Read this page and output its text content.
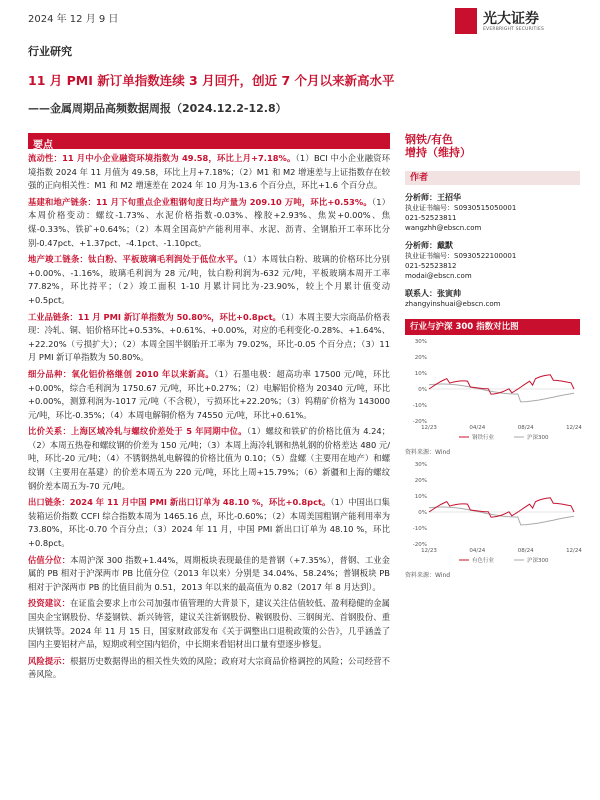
2024 年 12 月 9 日	光大证券
EVERBRIGHT SECURITIES
行业研究
11 月 PMI 新订单指数连续 3 月回升，创近 7 个月以来新高水平
——金属周期品高频数据周报（2024.12.2-12.8）
要点

流动性：11 月中小企业融资环境指数为 49.58，环比上月+7.18%。（1）BCI 中小企业融资环境指数 2024 年 11 月值为 49.58，环比上月+7.18%；（2）M1 和 M2 增速差与上证指数存在较强的正向相关性：M1 和 M2 增速差在 2024 年 10 月为-13.6 个百分点，环比+1.6 个百分点。

基建和地产链条：11 月下旬重点企业粗钢旬度日均产量为 209.10 万吨，环比+0.53%。（1）本周价格变动：螺纹-1.73%、水泥价格指数-0.03%、橡胶+2.93%、焦炭+0.00%、焦煤-0.33%、铁矿+0.64%；（2）本周全国高炉产能利用率、水泥、沥青、全钢胎开工率环比分别-0.47pct、+1.37pct、-4.1pct、-1.10pct。

地产竣工链条：钛白粉、平板玻璃毛利润处于低位水平。（1）本周钛白粉、玻璃的价格环比分别+0.00%、-1.16%，玻璃毛利润为 28 元/吨，钛白粉利润为-632 元/吨，平板玻璃本周开工率 77.82%，环比持平；（2）竣工面积 1-10 月累计同比为-23.90%，较上个月累计值变动+0.5pct。

工业品链条：11 月 PMI 新订单指数为 50.80%，环比+0.8pct。（1）本周主要大宗商品价格表现：冷轧、铜、铝价格环比+0.53%、+0.61%、+0.00%，对应的毛利变化-0.28%、+1.64%、+22.20%（亏损扩大）；（2）本周全国半钢胎开工率为 79.02%，环比-0.05 个百分点；（3）11 月 PMI 新订单指数为 50.80%。

细分品种：氧化铝价格继创 2010 年以来新高。（1）石墨电极：超高功率 17500 元/吨，环比+0.00%，综合毛利润为 1750.67 元/吨，环比+0.27%；（2）电解铝价格为 20340 元/吨，环比+0.00%，测算利润为-1017 元/吨（不含税），亏损环比+22.20%；（3）钨精矿价格为 143000 元/吨，环比-0.35%；（4）本周电解铜价格为 74550 元/吨，环比+0.61%。

比价关系：上海区域冷轧与螺纹价差处于 5 年同期中位。（1）螺纹和铁矿的价格比值为 4.24；（2）本周五热卷和螺纹钢的价差为 150 元/吨；（3）本周上海冷轧钢和热轧钢的价格差达 480 元/吨，环比-20 元/吨；（4）不锈钢热轧电解镍的价格比值为 0.10；（5）盘螺（主要用在地产）和螺纹钢（主要用在基建）的价差本周五为 220 元/吨，环比上周+15.79%；（6）新疆和上海的螺纹钢价差本周五为-70 元/吨。

出口链条：2024 年 11 月中国 PMI 新出口订单为 48.10 %，环比+0.8pct。（1）中国出口集装箱运价指数 CCFI 综合指数本周为 1465.16 点，环比-0.60%；（2）本周美国粗钢产能利用率为 73.80%，环比-0.70 个百分点；（3）2024 年 11 月，中国 PMI 新出口订单为 48.10 %，环比+0.8pct。

估值分位：本周沪深 300 指数+1.44%，周期板块表现最佳的是普钢（+7.35%），普钢、工业金属的 PB 相对于沪深两市 PB 比值分位（2013 年以来）分别是 34.04%、58.24%；普钢板块 PB 相对于沪深两市 PB 的比值目前为 0.51，2013 年以来的最高值为 0.82（2017 年 8 月达到）。

投资建议：在证监会要求上市公司加强市值管理的大背景下，建议关注估值较低、盈利稳健的金属国央企宝钢股份、华菱钢铁、新兴铸管，建议关注新钢股份、鞍钢股份、三钢闽光、首钢股份、重庆钢铁等。2024 年 11 月 15 日，国家财政部发布《关于调整出口退税政策的公告》，几乎涵盖了国内主要铝材产品，短期或利空国内铝价，中长期来看铝材出口量有望逐步修复。

风险提示：根据历史数据得出的相关性失效的风险；政府对大宗商品价格调控的风险；公司经营不善风险。

钢铁/有色
增持（维持）
作者
分析师：王招华
执业证书编号：S0930515050001
021-52523811
wangzhh@ebscn.com
分析师：戴默
执业证书编号：S0930522100001
021-52523812
modai@ebscn.com
联系人：张寅帅
zhangyinshuai@ebscn.com
行业与沪深 300 指数对比图
30%
20%
10%
0%
-10%
-20%
12/23	04/24	08/24	12/24
钢铁行业	沪深300
资料来源：Wind
30%
20%
10%
0%
-10%
-20%
12/23	04/24	08/24	12/24
有色行业	沪深300
资料来源：Wind
